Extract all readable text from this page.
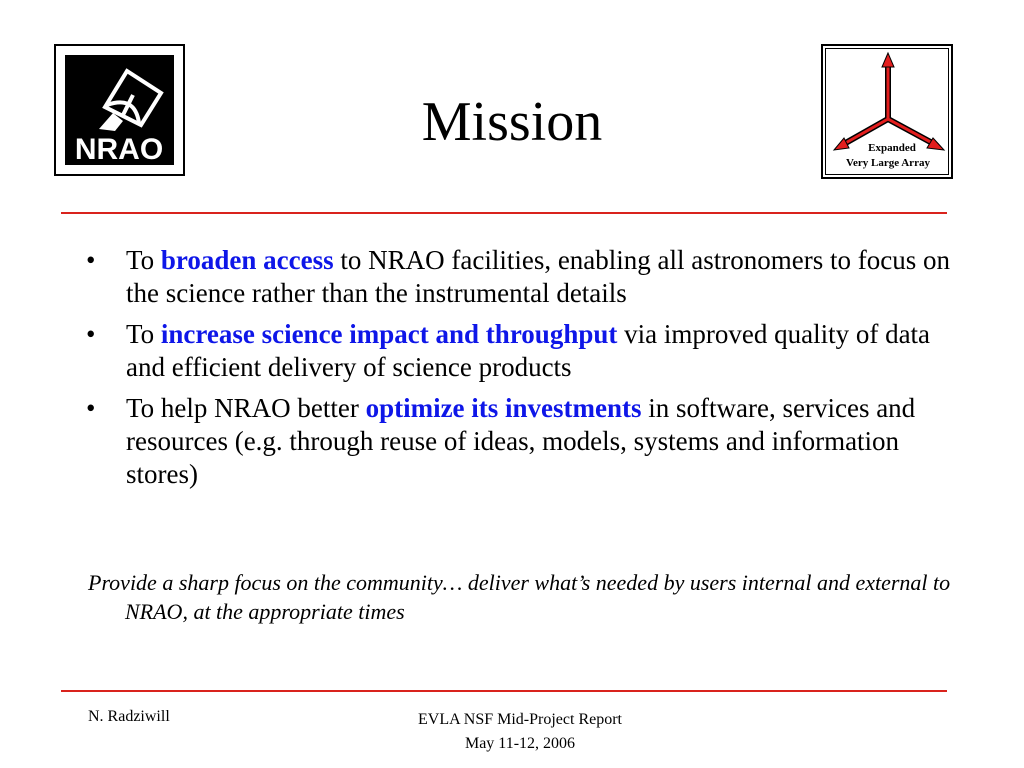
NRAO	Mission	Expanded
Very Large Array
• To broaden access to NRAO facilities, enabling all astronomers to focus on the science rather than the instrumental details
• To increase science impact and throughput via improved quality of data and efficient delivery of science products
• To help NRAO better optimize its investments in software, services and resources (e.g. through reuse of ideas, models, systems and information stores)
Provide a sharp focus on the community… deliver what’s needed by users internal and external to NRAO, at the appropriate times
N. Radziwill	EVLA NSF Mid-Project Report
May 11-12, 2006
